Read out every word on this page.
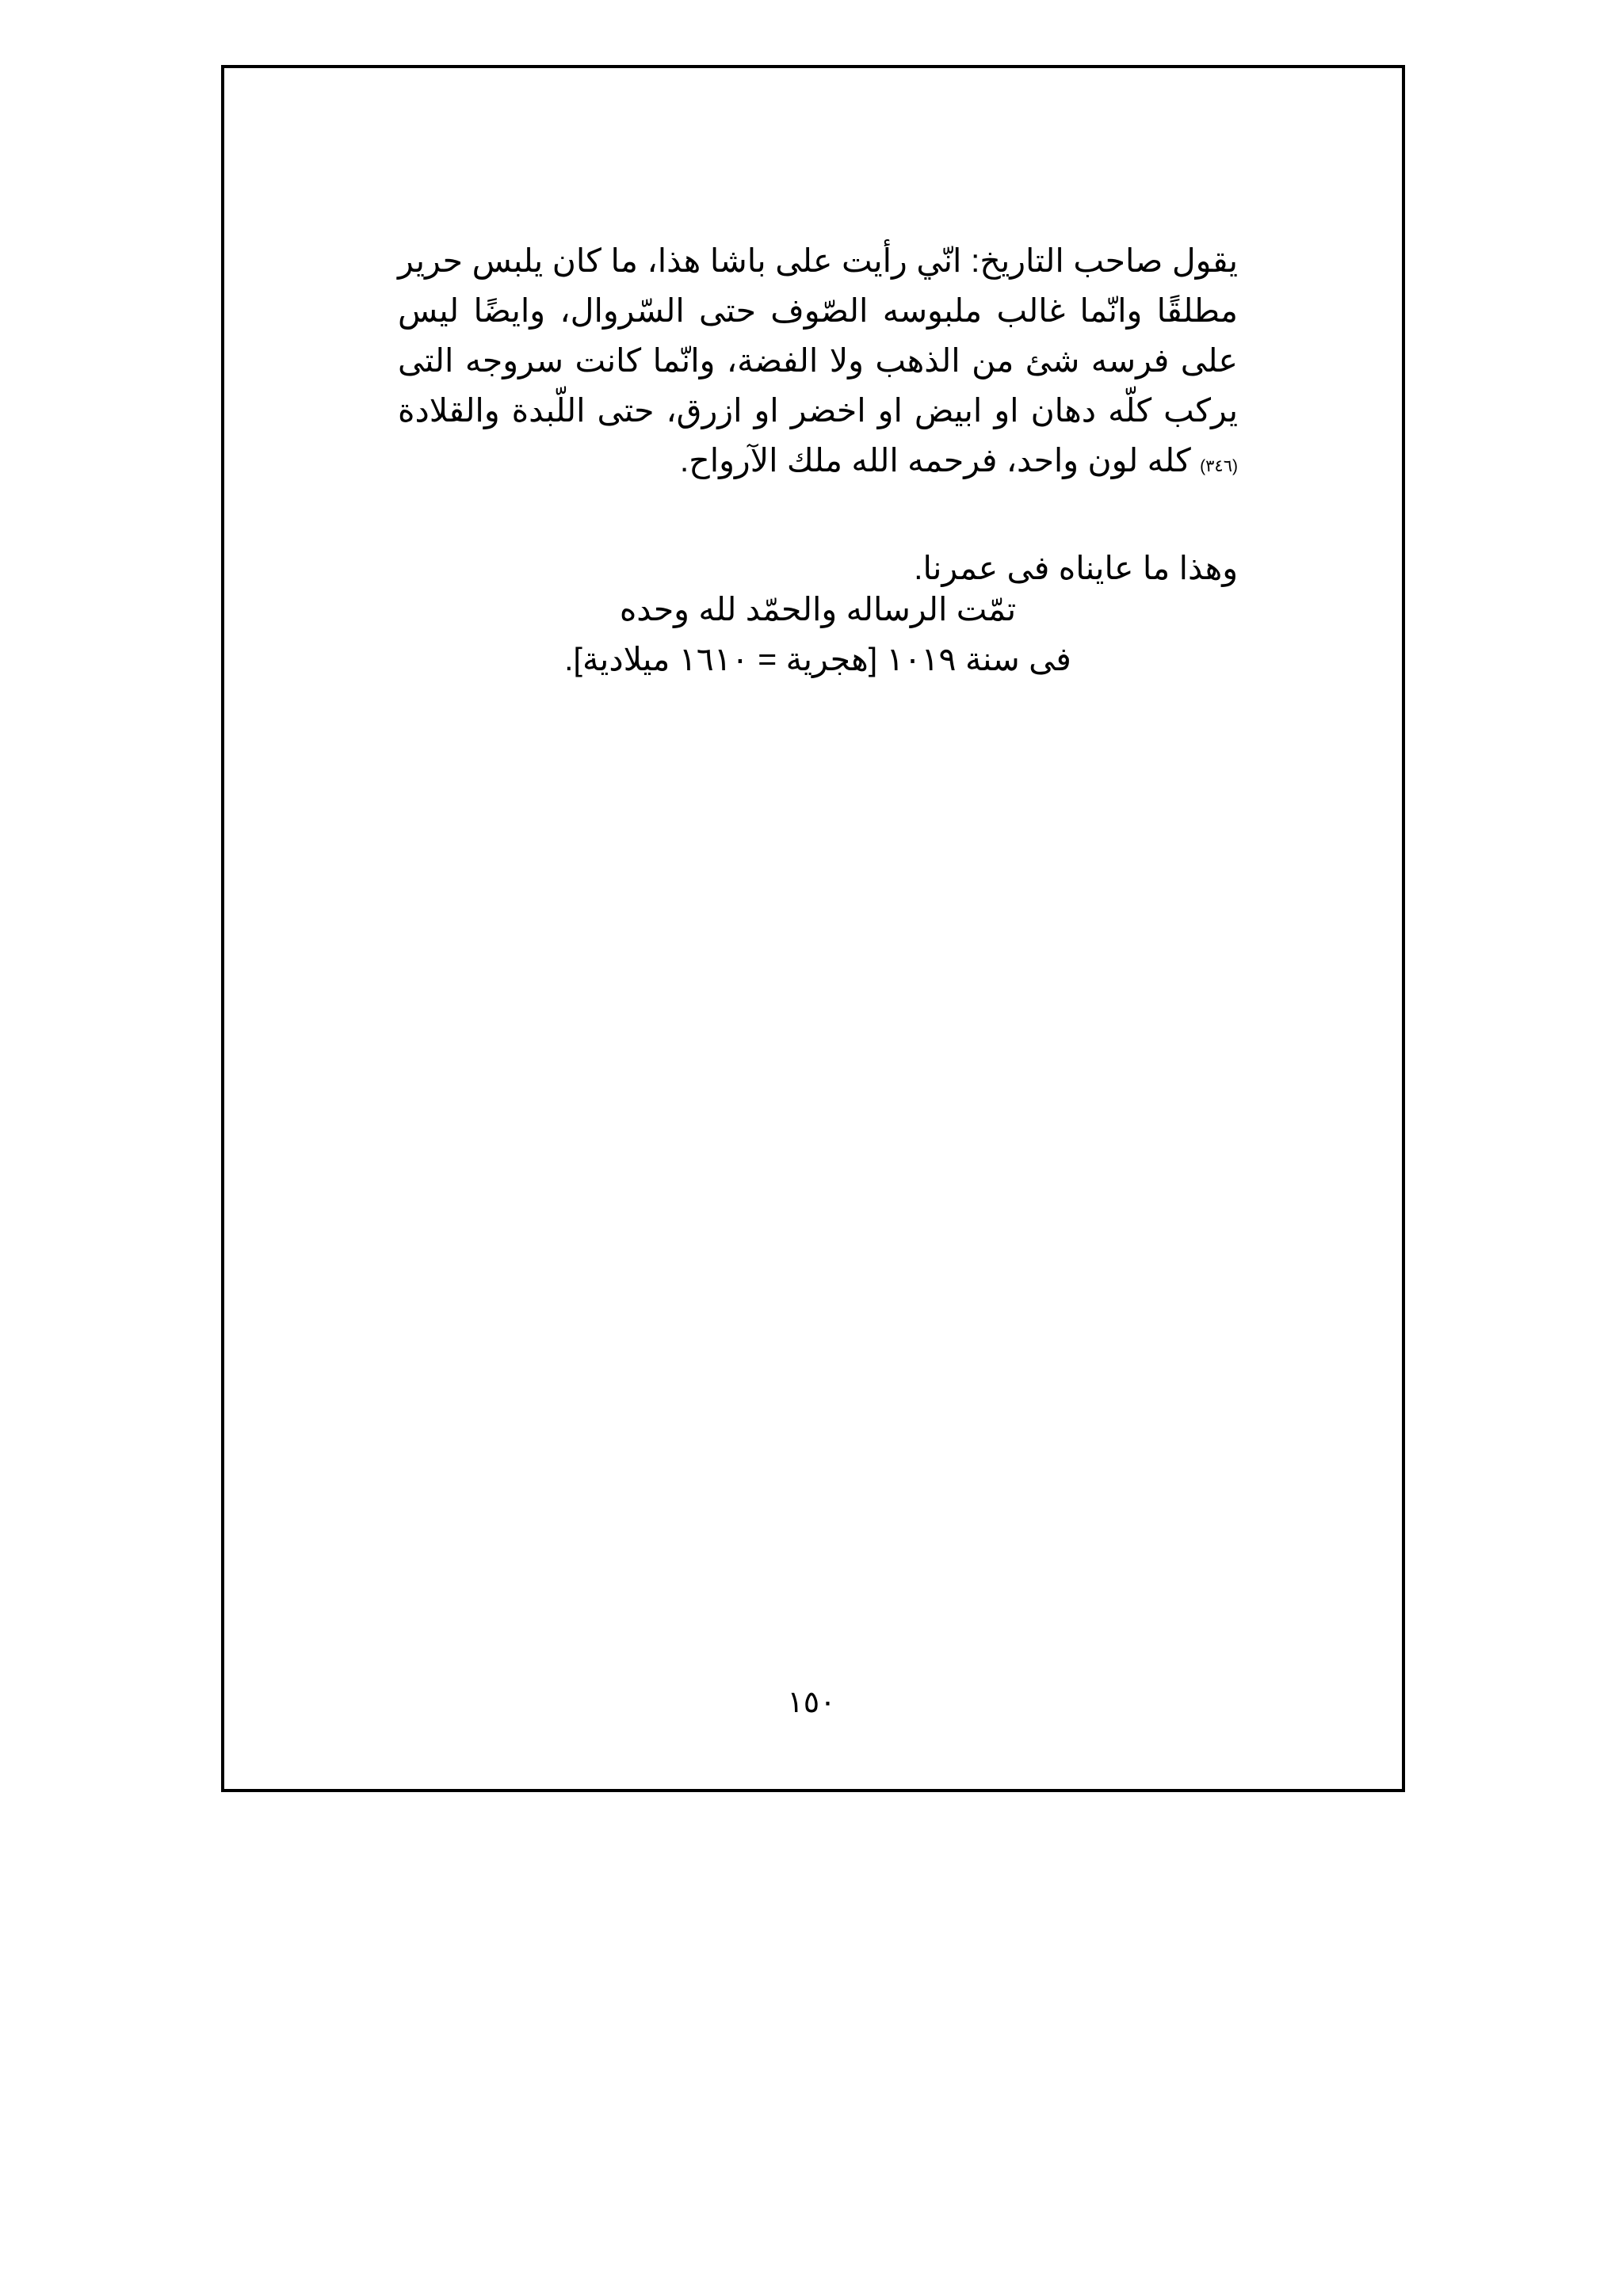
يقول صاحب التاريخ: انّي رأيت على باشا هذا، ما كان يلبس حرير مطلقًا وانّما غالب ملبوسه الصّوف حتى السّروال، وايضًا ليس على فرسه شئ من الذهب ولا الفضة، وانّما كانت سروجه التى يركب كلّه دهان او ابيض او اخضر او ازرق، حتى اللّبدة والقلادة (٣٤٦) كله لون واحد، فرحمه الله ملك الآرواح.

وهذا ما عايناه فى عمرنا.

تمّت الرساله والحمّد لله وحده
فى سنة ١٠١٩ [هجرية = ١٦١٠ ميلادية].
١٥٠
